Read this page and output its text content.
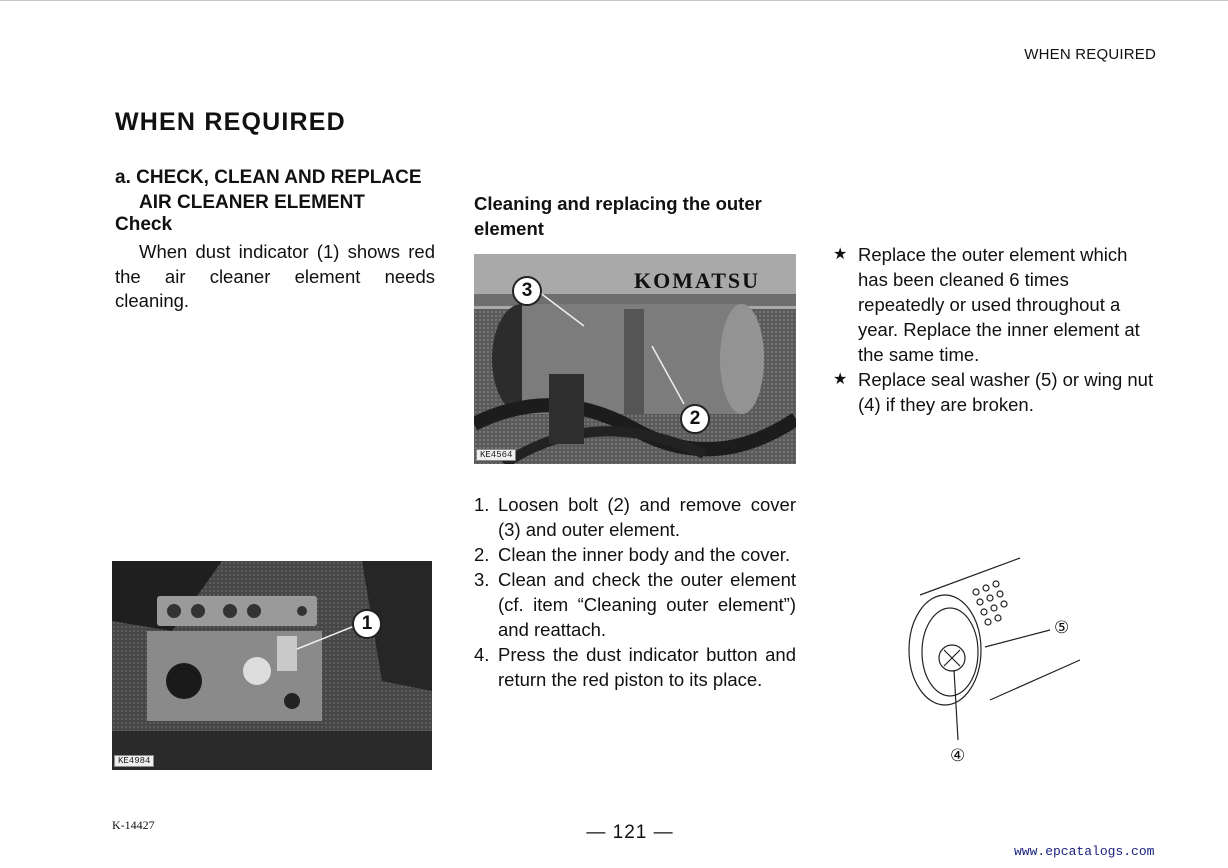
WHEN REQUIRED
WHEN REQUIRED
a. CHECK, CLEAN AND REPLACE
AIR CLEANER ELEMENT
Check
When dust indicator (1) shows red the air cleaner element needs cleaning.
Cleaning and replacing the outer element
KOMATSU
3
2
KE4564
1. Loosen bolt (2) and remove cover (3) and outer element.
2. Clean the inner body and the cover.
3. Clean and check the outer element (cf. item “Cleaning outer element”) and reattach.
4. Press the dust indicator button and return the red piston to its place.
1
KE4984
★ Replace the outer element which has been cleaned 6 times repeatedly or used throughout a year. Replace the inner element at the same time.
★ Replace seal washer (5) or wing nut (4) if they are broken.
⑤
④
K-14427	— 121 —
www.epcatalogs.com
